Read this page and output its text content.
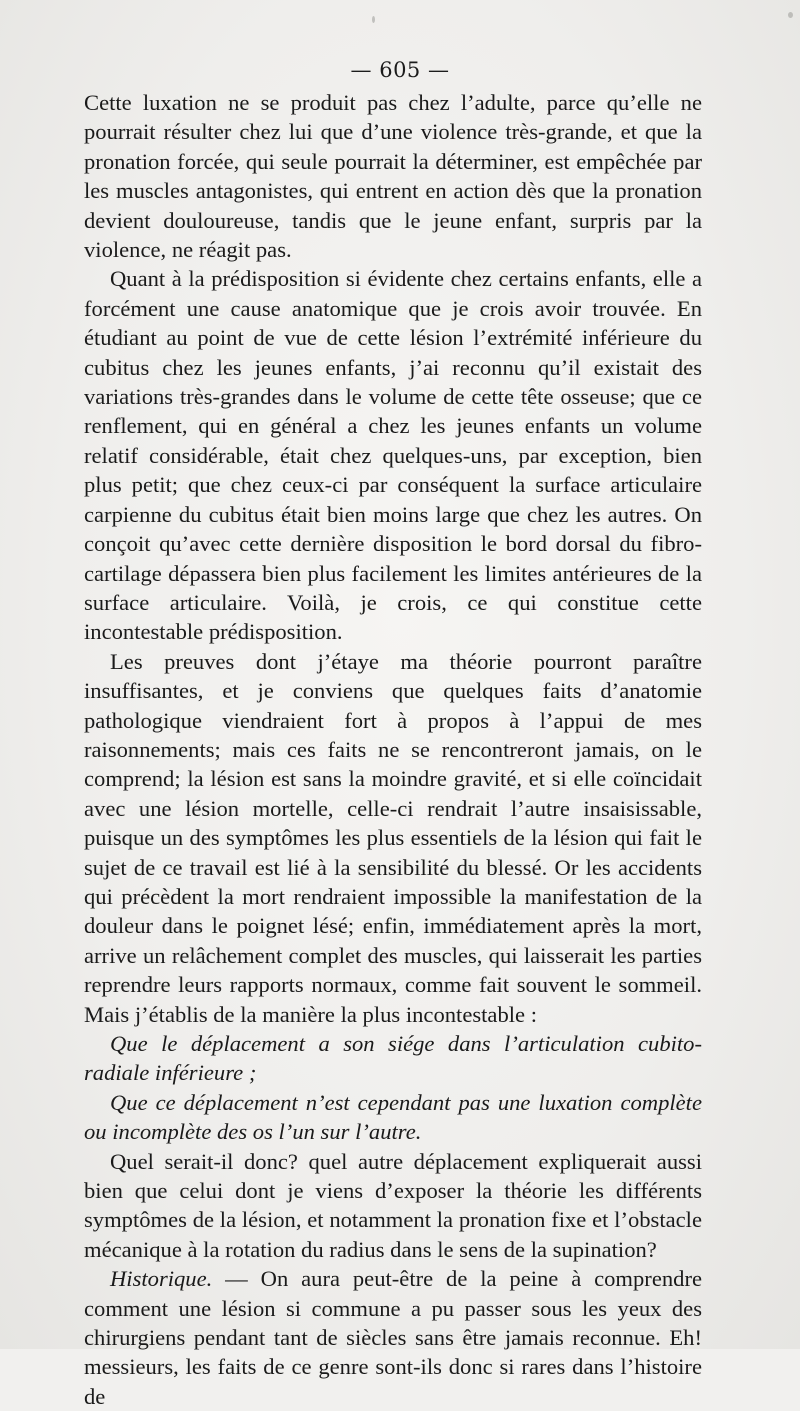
— 605 —

Cette luxation ne se produit pas chez l’adulte, parce qu’elle ne pourrait résulter chez lui que d’une violence très-grande, et que la pronation forcée, qui seule pourrait la déterminer, est empêchée par les muscles antagonistes, qui entrent en action dès que la pronation devient douloureuse, tandis que le jeune enfant, surpris par la violence, ne réagit pas.

Quant à la prédisposition si évidente chez certains enfants, elle a forcément une cause anatomique que je crois avoir trouvée. En étudiant au point de vue de cette lésion l’extrémité inférieure du cubitus chez les jeunes enfants, j’ai reconnu qu’il existait des variations très-grandes dans le volume de cette tête osseuse; que ce renflement, qui en général a chez les jeunes enfants un volume relatif considérable, était chez quelques-uns, par exception, bien plus petit; que chez ceux-ci par conséquent la surface articulaire carpienne du cubitus était bien moins large que chez les autres. On conçoit qu’avec cette dernière disposition le bord dorsal du fibro-cartilage dépassera bien plus facilement les limites antérieures de la surface articulaire. Voilà, je crois, ce qui constitue cette incontestable prédisposition.

Les preuves dont j’étaye ma théorie pourront paraître insuffisantes, et je conviens que quelques faits d’anatomie pathologique viendraient fort à propos à l’appui de mes raisonnements; mais ces faits ne se rencontreront jamais, on le comprend; la lésion est sans la moindre gravité, et si elle coïncidait avec une lésion mortelle, celle-ci rendrait l’autre insaisissable, puisque un des symptômes les plus essentiels de la lésion qui fait le sujet de ce travail est lié à la sensibilité du blessé. Or les accidents qui précèdent la mort rendraient impossible la manifestation de la douleur dans le poignet lésé; enfin, immédiatement après la mort, arrive un relâchement complet des muscles, qui laisserait les parties reprendre leurs rapports normaux, comme fait souvent le sommeil. Mais j’établis de la manière la plus incontestable :

Que le déplacement a son siége dans l’articulation cubito-radiale inférieure ;

Que ce déplacement n’est cependant pas une luxation complète ou incomplète des os l’un sur l’autre.

Quel serait-il donc? quel autre déplacement expliquerait aussi bien que celui dont je viens d’exposer la théorie les différents symptômes de la lésion, et notamment la pronation fixe et l’obstacle mécanique à la rotation du radius dans le sens de la supination?

Historique. — On aura peut-être de la peine à comprendre comment une lésion si commune a pu passer sous les yeux des chirurgiens pendant tant de siècles sans être jamais reconnue. Eh! messieurs, les faits de ce genre sont-ils donc si rares dans l’histoire de
